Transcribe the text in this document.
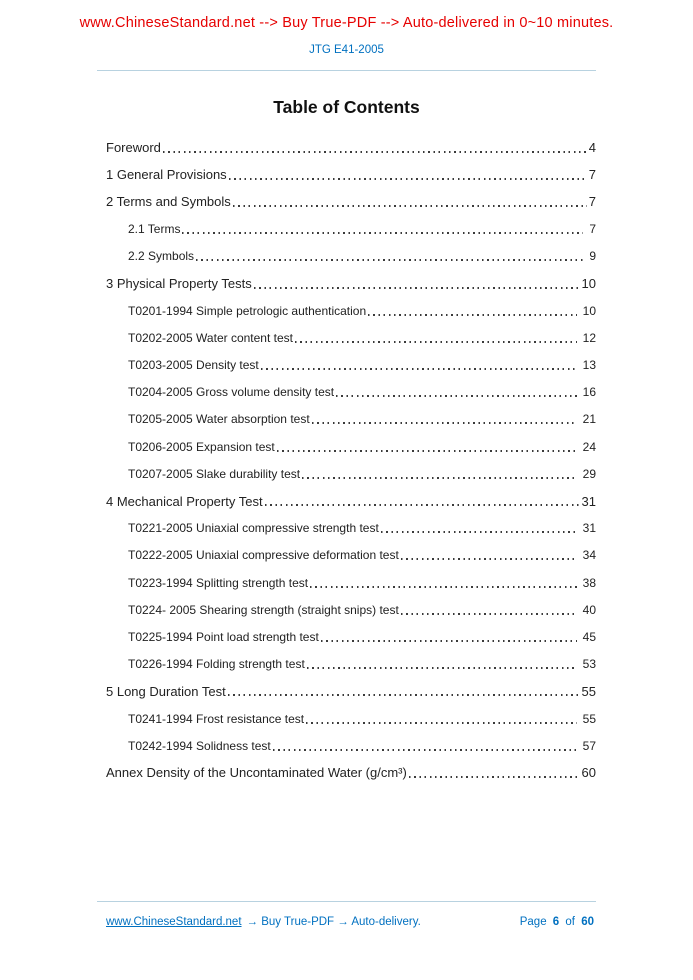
www.ChineseStandard.net --> Buy True-PDF --> Auto-delivered in 0~10 minutes.
JTG E41-2005
Table of Contents
Foreword	4
1 General Provisions	7
2 Terms and Symbols	7
2.1 Terms	7
2.2 Symbols	9
3 Physical Property Tests	10
T0201-1994 Simple petrologic authentication	10
T0202-2005 Water content test	12
T0203-2005 Density test	13
T0204-2005 Gross volume density test	16
T0205-2005 Water absorption test	21
T0206-2005 Expansion test	24
T0207-2005 Slake durability test	29
4 Mechanical Property Test	31
T0221-2005 Uniaxial compressive strength test	31
T0222-2005 Uniaxial compressive deformation test	34
T0223-1994 Splitting strength test	38
T0224- 2005 Shearing strength (straight snips) test	40
T0225-1994 Point load strength test	45
T0226-1994 Folding strength test	53
5 Long Duration Test	55
T0241-1994 Frost resistance test	55
T0242-1994 Solidness test	57
Annex Density of the Uncontaminated Water (g/cm³)	60
www.ChineseStandard.net → Buy True-PDF → Auto-delivery.	Page 6 of 60
